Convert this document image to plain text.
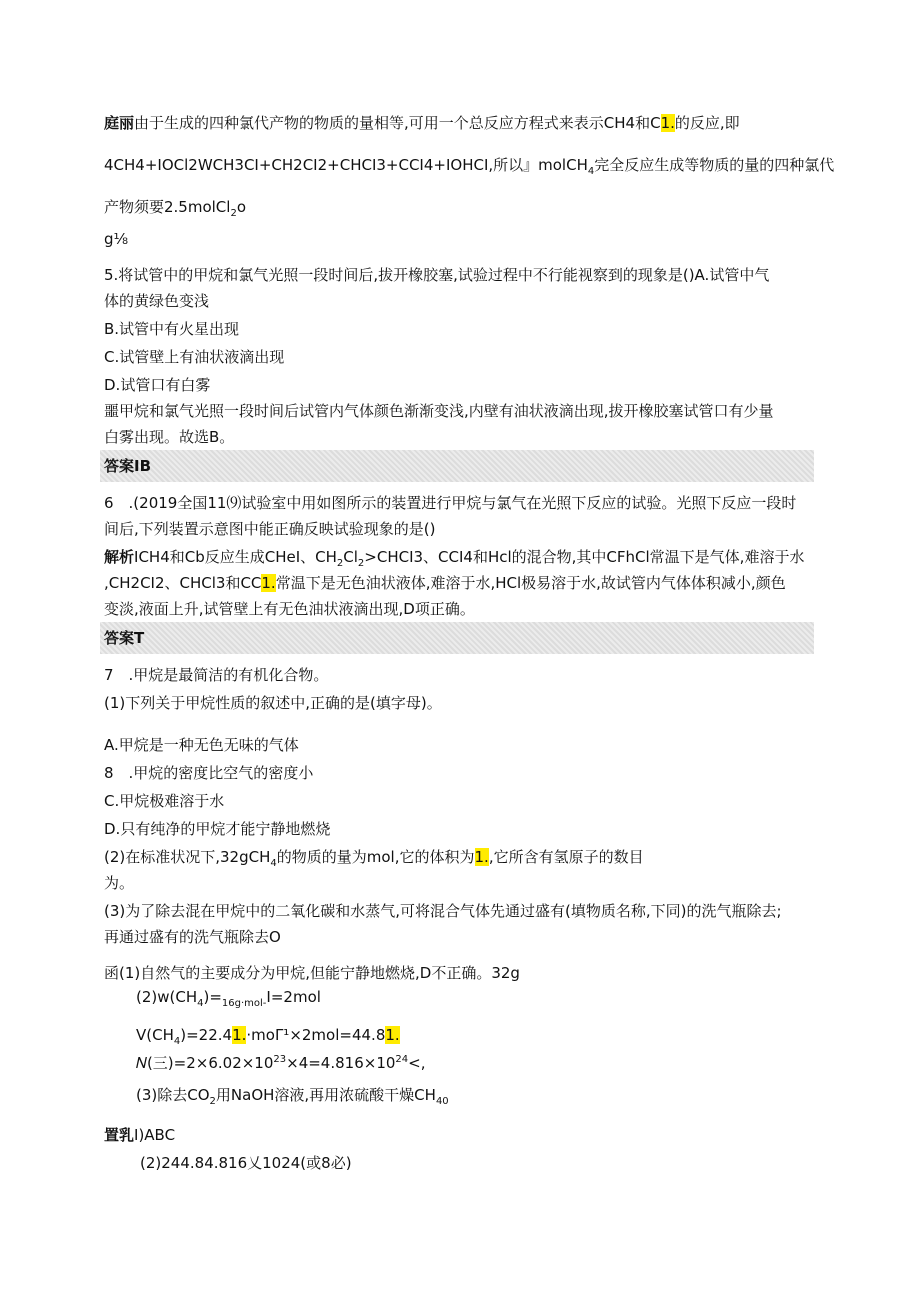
庭丽由于生成的四种氯代产物的物质的量相等,可用一个总反应方程式来表示CH4和C1.的反应,即
4CH4+IOCl2WCH3CI+CH2CI2+CHCI3+CCI4+IOHCI,所以』molCH$_4$完全反应生成等物质的量的四种氯代
产物须要2.5molCl$_2$o
g⅛
5.将试管中的甲烷和氯气光照一段时间后,拔开橡胶塞,试验过程中不行能视察到的现象是()A.试管中气
体的黄绿色变浅
B.试管中有火星出现
C.试管壁上有油状液滴出现
D.试管口有白雾
噩甲烷和氯气光照一段时间后试管内气体颜色渐渐变浅,内壁有油状液滴出现,拔开橡胶塞试管口有少量
白雾出现。故选B。
答案IB
6　.(2019全国11⑼试验室中用如图所示的装置进行甲烷与氯气在光照下反应的试验。光照下反应一段时
间后,下列装置示意图中能正确反映试验现象的是()
解析ICH4和Cb反应生成CHeI、$CH_2Cl_2>CHCI3$、CCI4和Hcl的混合物,其中CFhCl常温下是气体,难溶于水
,CH2CI2、CHCl3和CC1.常温下是无色油状液体,难溶于水,HCl极易溶于水,故试管内气体体积减小,颜色
变淡,液面上升,试管壁上有无色油状液滴出现,D项正确。
答案T
7　.甲烷是最简洁的有机化合物。
(1)下列关于甲烷性质的叙述中,正确的是(填字母)。
A.甲烷是一种无色无味的气体
8　.甲烷的密度比空气的密度小
C.甲烷极难溶于水
D.只有纯净的甲烷才能宁静地燃烧
(2)在标准状况下,32gCH$_4$的物质的量为mol,它的体积为1.,它所含有氢原子的数目
为。
(3)为了除去混在甲烷中的二氧化碳和水蒸气,可将混合气体先通过盛有(填物质名称,下同)的洗气瓶除去;
再通过盛有的洗气瓶除去O
函(1)自然气的主要成分为甲烷,但能宁静地燃烧,D不正确。32g
$(2)w(CH_4)=_{16g\cdot mol-}I=2mol$
$V(CH_4)=22.41.\cdot mo\Gamma^1\times 2mol=44.81$.
𝑁(三)$=2\times 6.02\times 10^{23}\times 4=4.816\times 10^{24}<$,
(3)除去$CO_2$用NaOH溶液,再用浓硫酸干燥$CH_{40}$
置乳I)ABC
(2)244.84.816乂1024(或8必)
